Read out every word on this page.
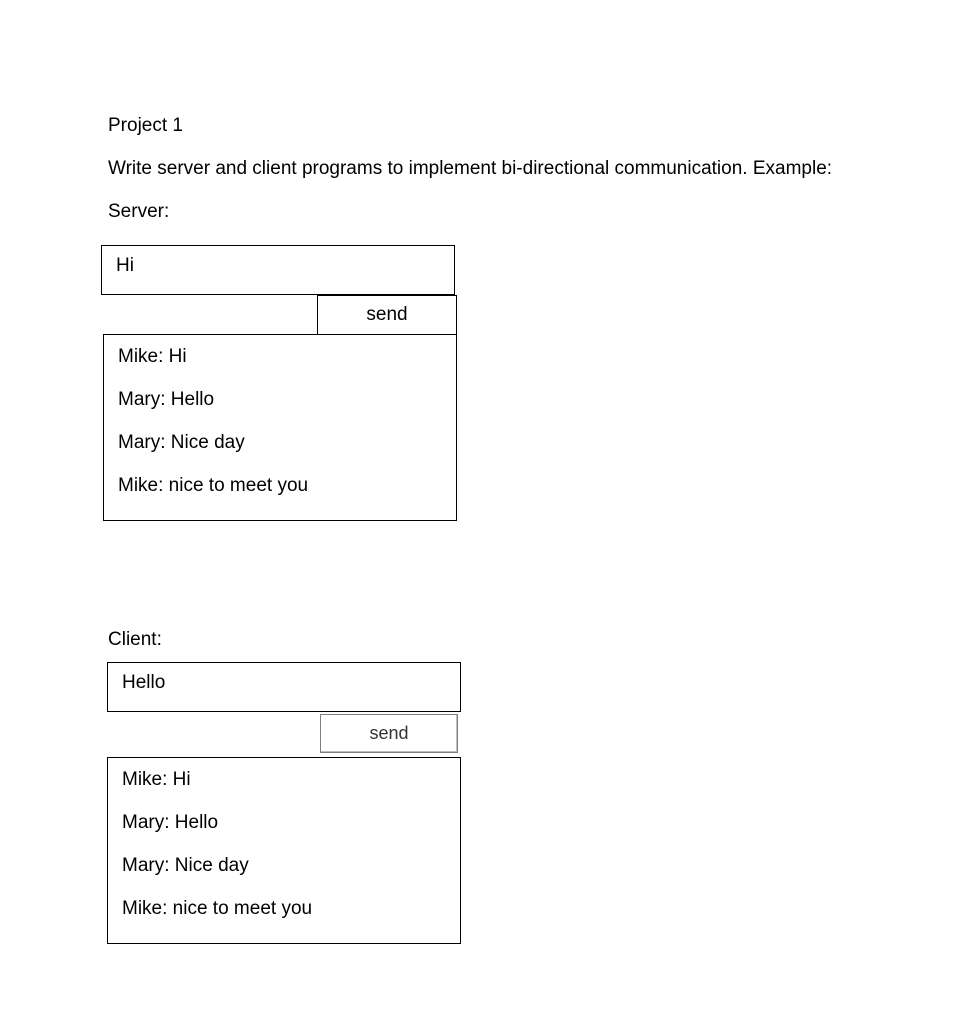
Project 1

Write server and client programs to implement bi-directional communication. Example:

Server:

Hi
send
Mike: Hi
Mary: Hello
Mary: Nice day
Mike: nice to meet you

Client:

Hello
send
Mike: Hi
Mary: Hello
Mary: Nice day
Mike: nice to meet you
